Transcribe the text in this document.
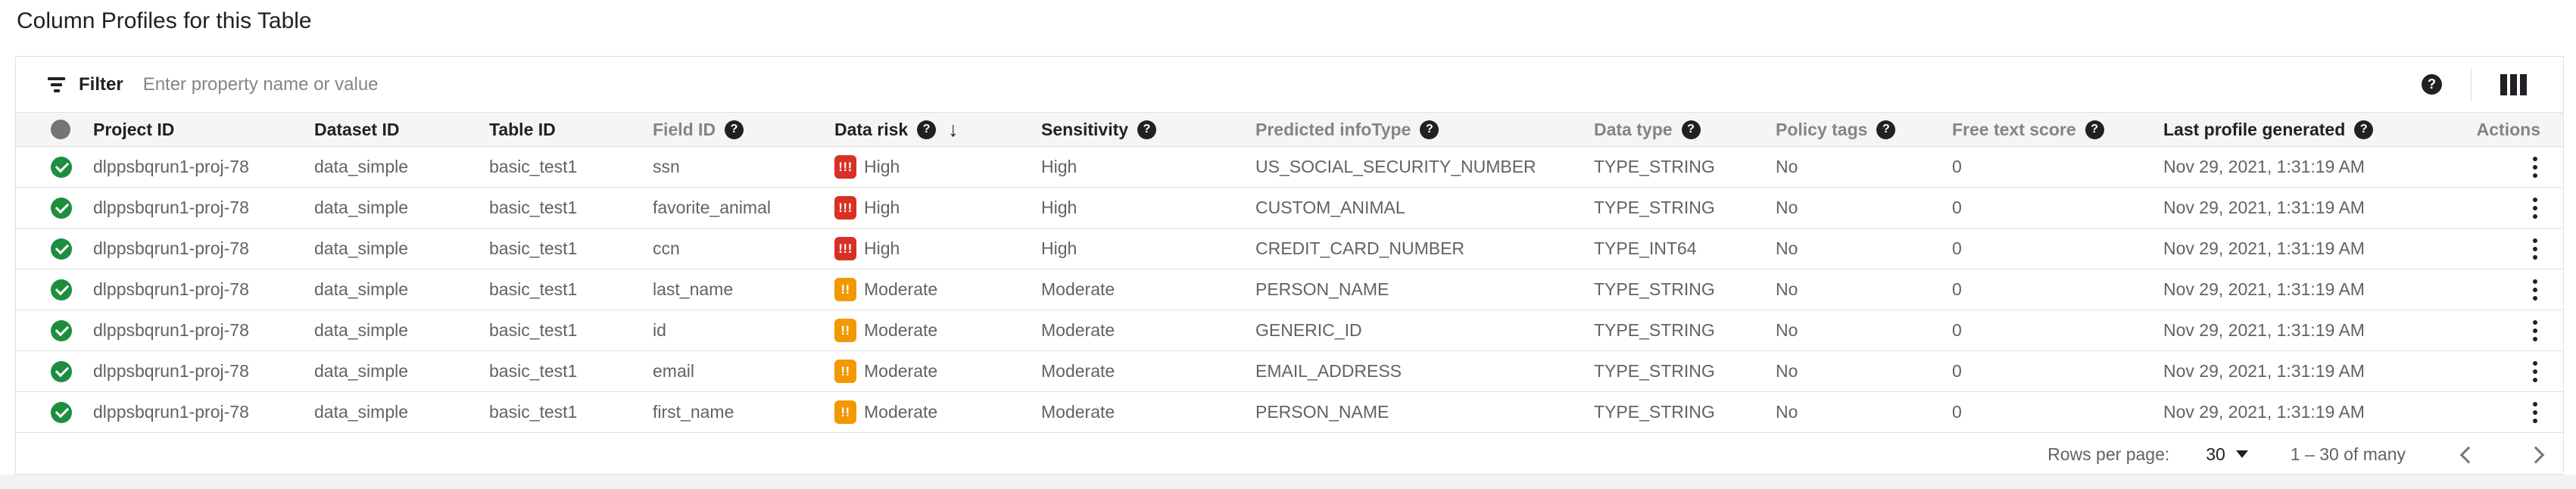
Column Profiles for this Table
Filter
Enter property name or value	?
Project ID	Dataset ID	Table ID	Field ID	?	Data risk	? ↓	Sensitivity	?	Predicted infoType	?	Data type	?	Policy tags	?	Free text score	?	Last profile generated	?	Actions
dlppsbqrun1-proj-78	data_simple	basic_test1	ssn	!!! High	High	US_SOCIAL_SECURITY_NUMBER	TYPE_STRING	No	0	Nov 29, 2021, 1:31:19 AM
dlppsbqrun1-proj-78	data_simple	basic_test1	favorite_animal	!!! High	High	CUSTOM_ANIMAL	TYPE_STRING	No	0	Nov 29, 2021, 1:31:19 AM
dlppsbqrun1-proj-78	data_simple	basic_test1	ccn	!!! High	High	CREDIT_CARD_NUMBER	TYPE_INT64	No	0	Nov 29, 2021, 1:31:19 AM
dlppsbqrun1-proj-78	data_simple	basic_test1	last_name	!! Moderate	Moderate	PERSON_NAME	TYPE_STRING	No	0	Nov 29, 2021, 1:31:19 AM
dlppsbqrun1-proj-78	data_simple	basic_test1	id	!! Moderate	Moderate	GENERIC_ID	TYPE_STRING	No	0	Nov 29, 2021, 1:31:19 AM
dlppsbqrun1-proj-78	data_simple	basic_test1	email	!! Moderate	Moderate	EMAIL_ADDRESS	TYPE_STRING	No	0	Nov 29, 2021, 1:31:19 AM
dlppsbqrun1-proj-78	data_simple	basic_test1	first_name	!! Moderate	Moderate	PERSON_NAME	TYPE_STRING	No	0	Nov 29, 2021, 1:31:19 AM
Rows per page: 30	1 – 30 of many
